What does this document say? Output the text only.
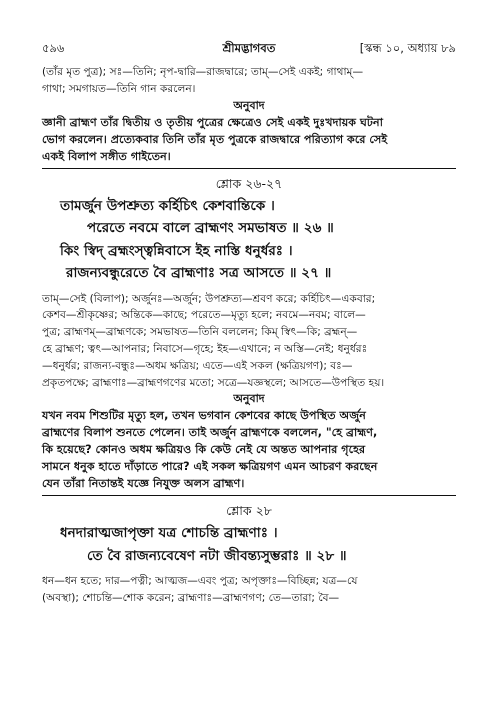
৫৯৬	শ্রীমদ্ভাগবত	[স্কন্ধ ১০, অধ্যায় ৮৯
(তাঁর মৃত পুত্র); সঃ—তিনি; নৃপ-দ্বারি—রাজদ্বারে; তাম্—সেই একই; গাথাম্—
গাথা; সমগায়ত—তিনি গান করলেন।
অনুবাদ
জ্ঞানী ব্রাহ্মণ তাঁর দ্বিতীয় ও তৃতীয় পুত্রের ক্ষেত্রেও সেই একই দুঃখদায়ক ঘটনা
ভোগ করলেন। প্রত্যেকবার তিনি তাঁর মৃত পুত্রকে রাজদ্বারে পরিত্যাগ করে সেই
একই বিলাপ সঙ্গীত গাইতেন।
শ্লোক ২৬-২৭
তামর্জুন উপশ্রুত্য কর্হিচিৎ কেশবান্তিকে ।
পরেতে নবমে বালে ব্রাহ্মণং সমভাষত ॥ ২৬ ॥
কিং স্বিদ্ ব্রহ্মংস্ত্বন্নিবাসে ইহ নাস্তি ধনুর্ধরঃ ।
রাজন্যবন্ধুরেতে বৈ ব্রাহ্মণাঃ সত্র আসতে ॥ ২৭ ॥
তাম্—সেই (বিলাপ); অর্জুনঃ—অর্জুন; উপশ্রুত্য—শ্রবণ করে; কর্হিচিৎ—একবার;
কেশব—শ্রীকৃষ্ণের; অন্তিকে—কাছে; পরেতে—মৃত্যু হলে; নবমে—নবম; বালে—
পুত্র; ব্রাহ্মণম্—ব্রাহ্মণকে; সমভাষত—তিনি বললেন; কিম্ স্বিৎ—কি; ব্রহ্মন্—
হে ব্রাহ্মণ; ত্বৎ—আপনার; নিবাসে—গৃহে; ইহ—এখানে; ন অস্তি—নেই; ধনুর্ধরঃ
—ধনুর্ধর; রাজন্য-বন্ধুঃ—অধম ক্ষত্রিয়; এতে—এই সকল (ক্ষত্রিয়গণ); বঃ—
প্রকৃতপক্ষে; ব্রাহ্মণাঃ—ব্রাহ্মণগণের মতো; সত্রে—যজ্ঞস্থলে; আসতে—উপস্থিত হয়।
অনুবাদ
যখন নবম শিশুটির মৃত্যু হল, তখন ভগবান কেশবের কাছে উপস্থিত অর্জুন
ব্রাহ্মণের বিলাপ শুনতে পেলেন। তাই অর্জুন ব্রাহ্মণকে বললেন, "হে ব্রাহ্মণ,
কি হয়েছে? কোনও অধম ক্ষত্রিয়ও কি কেউ নেই যে অন্তত আপনার গৃহের
সামনে ধনুক হাতে দাঁড়াতে পারে? এই সকল ক্ষত্রিয়গণ এমন আচরণ করছেন
যেন তাঁরা নিতান্তই যজ্ঞে নিযুক্ত অলস ব্রাহ্মণ।
শ্লোক ২৮
ধনদারাত্মজাপৃক্তা যত্র শোচন্তি ব্রাহ্মণাঃ ।
তে বৈ রাজন্যবেষেণ নটা জীবন্ত্যসুম্ভরাঃ ॥ ২৮ ॥
ধন—ধন হতে; দার—পত্নী; আত্মজ—এবং পুত্র; অপৃক্তাঃ—বিচ্ছিন্ন; যত্র—যে
(অবস্থা); শোচন্তি—শোক করেন; ব্রাহ্মণাঃ—ব্রাহ্মণগণ; তে—তারা; বৈ—
